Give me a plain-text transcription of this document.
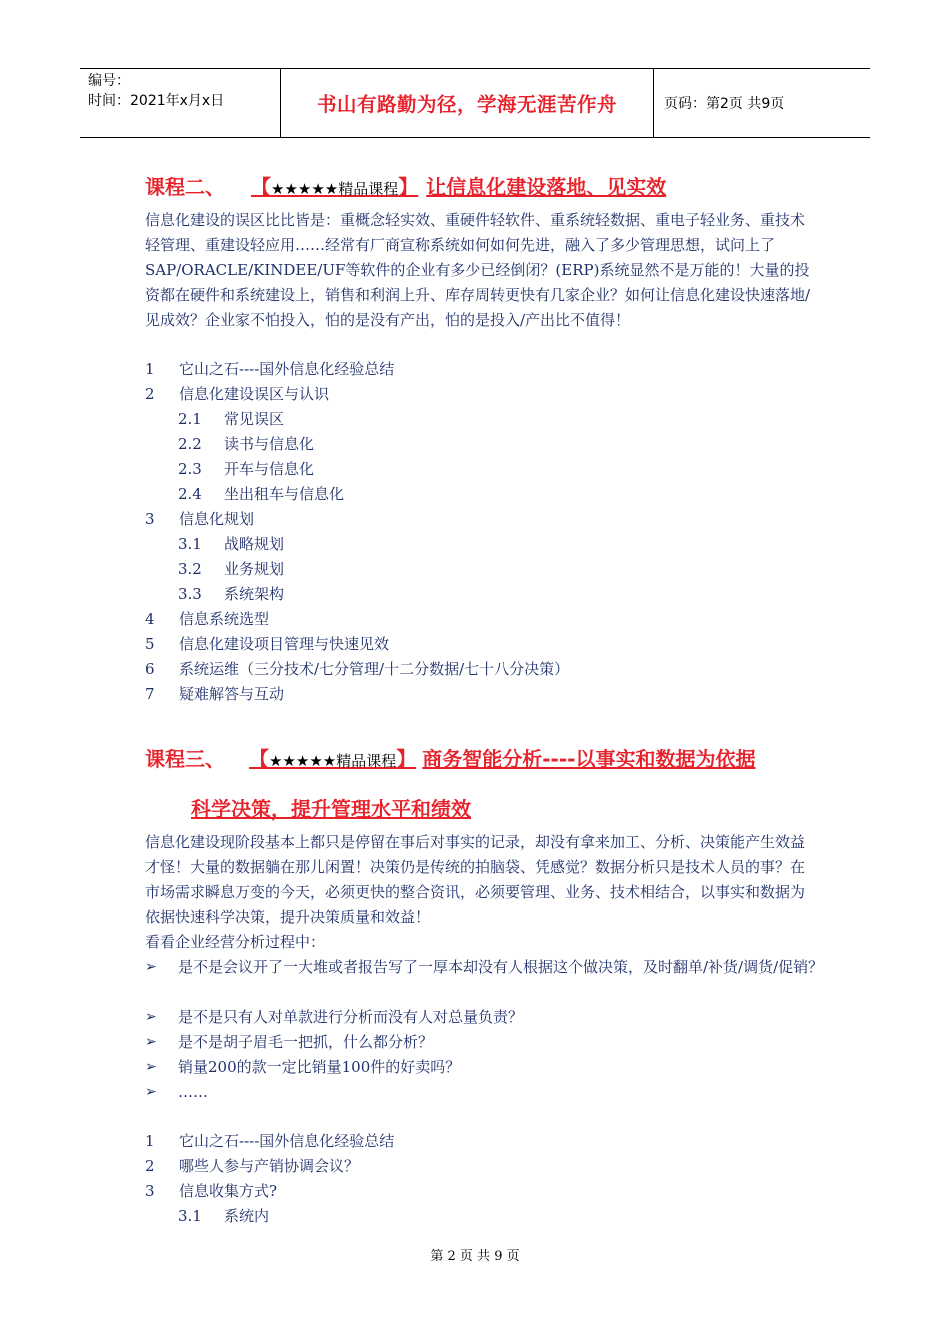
编号：
时间：2021年x月x日	书山有路勤为径，学海无涯苦作舟	页码：第2页 共9页
课程二、 【★★★★★精品课程】 让信息化建设落地、见实效
信息化建设的误区比比皆是：重概念轻实效、重硬件轻软件、重系统轻数据、重电子轻业务、重技术轻管理、重建设轻应用……经常有厂商宣称系统如何如何先进，融入了多少管理思想，试问上了SAP/ORACLE/KINDEE/UF等软件的企业有多少已经倒闭？(ERP)系统显然不是万能的！大量的投资都在硬件和系统建设上，销售和利润上升、库存周转更快有几家企业？如何让信息化建设快速落地/见成效？企业家不怕投入，怕的是没有产出，怕的是投入/产出比不值得！
1 它山之石----国外信息化经验总结
2 信息化建设误区与认识
2.1 常见误区
2.2 读书与信息化
2.3 开车与信息化
2.4 坐出租车与信息化
3 信息化规划
3.1 战略规划
3.2 业务规划
3.3 系统架构
4 信息系统选型
5 信息化建设项目管理与快速见效
6 系统运维（三分技术/七分管理/十二分数据/七十八分决策）
7 疑难解答与互动
课程三、 【★★★★★精品课程】 商务智能分析----以事实和数据为依据
科学决策，提升管理水平和绩效
信息化建设现阶段基本上都只是停留在事后对事实的记录，却没有拿来加工、分析、决策能产生效益才怪！大量的数据躺在那儿闲置！决策仍是传统的拍脑袋、凭感觉？数据分析只是技术人员的事？在市场需求瞬息万变的今天，必须更快的整合资讯，必须要管理、业务、技术相结合，以事实和数据为依据快速科学决策，提升决策质量和效益！
看看企业经营分析过程中：
➢ 是不是会议开了一大堆或者报告写了一厚本却没有人根据这个做决策，及时翻单/补货/调货/促销？
➢ 是不是只有人对单款进行分析而没有人对总量负责？
➢ 是不是胡子眉毛一把抓，什么都分析？
➢ 销量200的款一定比销量100件的好卖吗？
➢ ……
1 它山之石----国外信息化经验总结
2 哪些人参与产销协调会议？
3 信息收集方式?
3.1 系统内
第 2 页 共 9 页
